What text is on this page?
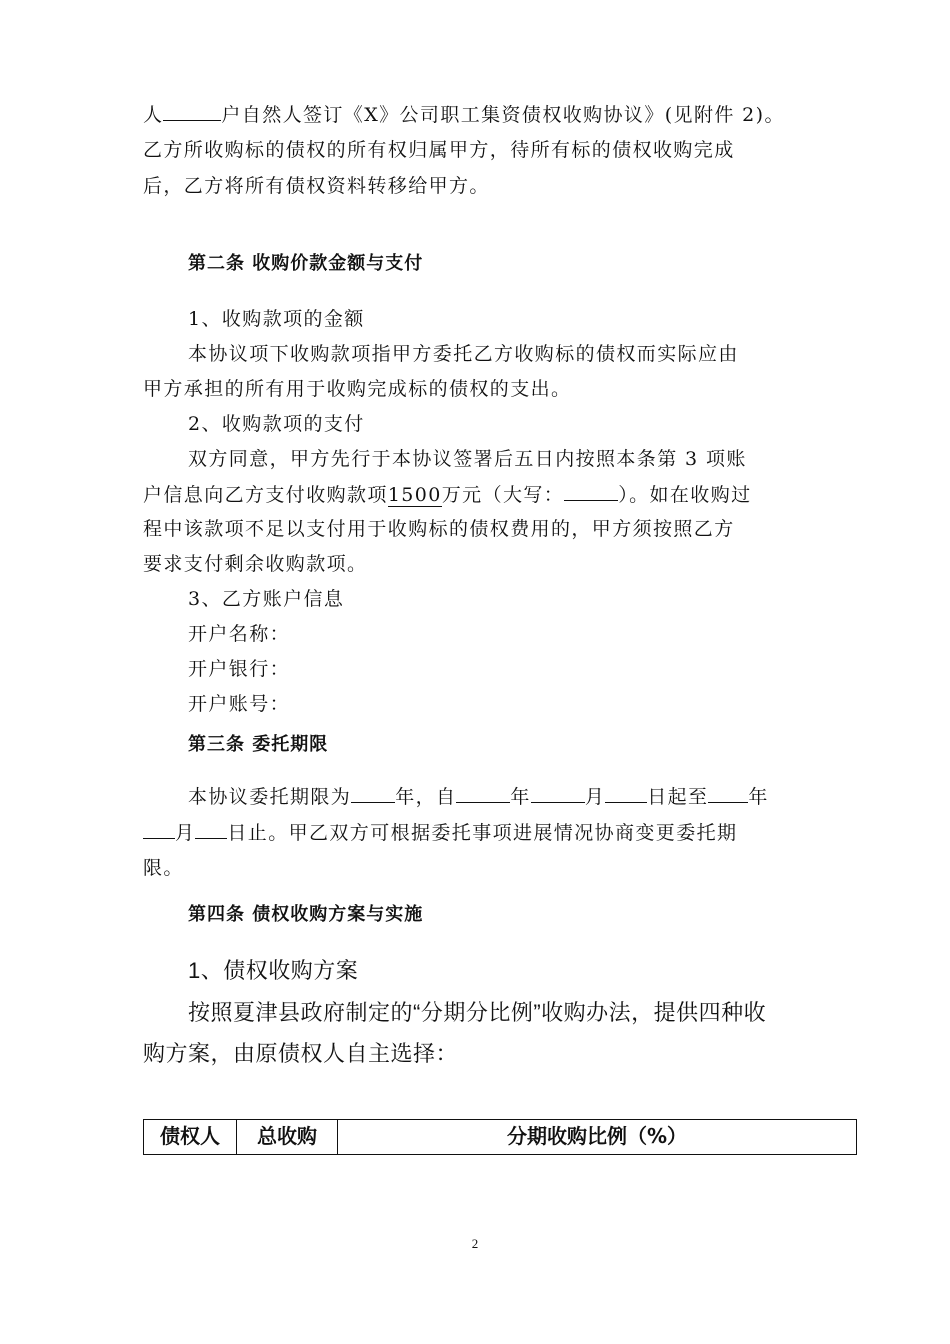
人	户自然人签订《X》公司职工集资债权收购协议》(见附件 2)。
乙方所收购标的债权的所有权归属甲方，待所有标的债权收购完成
后，乙方将所有债权资料转移给甲方。
第二条 收购价款金额与支付
1、收购款项的金额
本协议项下收购款项指甲方委托乙方收购标的债权而实际应由
甲方承担的所有用于收购完成标的债权的支出。
2、收购款项的支付
双方同意，甲方先行于本协议签署后五日内按照本条第 3 项账
户信息向乙方支付收购款项1500万元（大写：	）。如在收购过
程中该款项不足以支付用于收购标的债权费用的，甲方须按照乙方
要求支付剩余收购款项。
3、乙方账户信息
开户名称：
开户银行：
开户账号：
第三条 委托期限
本协议委托期限为 年，自	年	月 日起至 年
月 日止。甲乙双方可根据委托事项进展情况协商变更委托期
限。
第四条 债权收购方案与实施
1、债权收购方案
按照夏津县政府制定的“分期分比例”收购办法，提供四种收
购方案，由原债权人自主选择：
债权人	总收购	分期收购比例（%）
2
